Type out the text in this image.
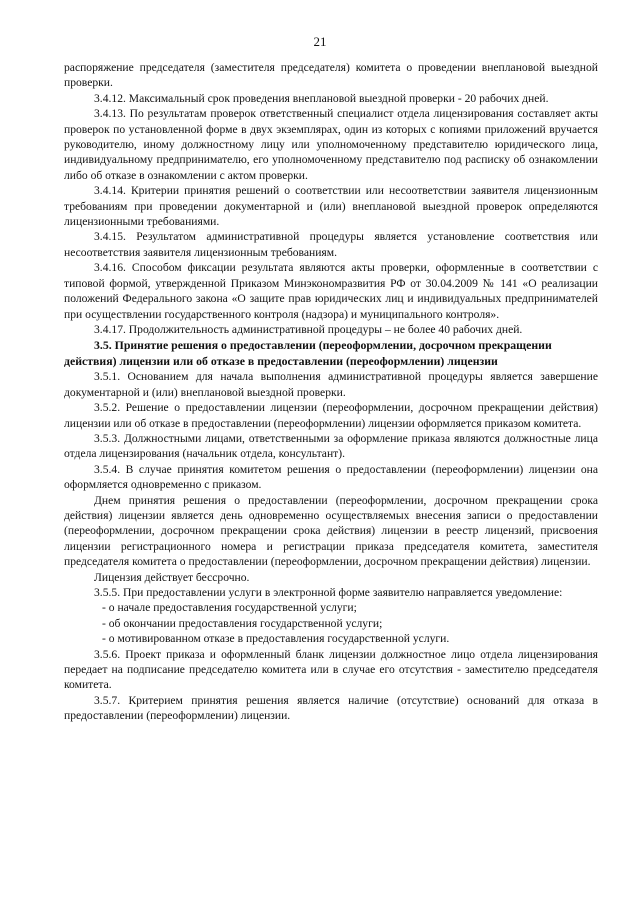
21

распоряжение председателя (заместителя председателя) комитета о проведении внеплановой выездной проверки.

3.4.12. Максимальный срок проведения внеплановой выездной проверки - 20 рабочих дней.

3.4.13. По результатам проверок ответственный специалист отдела лицензирования составляет акты проверок по установленной форме в двух экземплярах, один из которых с копиями приложений вручается руководителю, иному должностному лицу или уполномоченному представителю юридического лица, индивидуальному предпринимателю, его уполномоченному представителю под расписку об ознакомлении либо об отказе в ознакомлении с актом проверки.

3.4.14. Критерии принятия решений о соответствии или несоответствии заявителя лицензионным требованиям при проведении документарной и (или) внеплановой выездной проверок определяются лицензионными требованиями.

3.4.15. Результатом административной процедуры является установление соответствия или несоответствия заявителя лицензионным требованиям.

3.4.16. Способом фиксации результата являются акты проверки, оформленные в соответствии с типовой формой, утвержденной Приказом Минэкономразвития РФ от 30.04.2009 № 141 «О реализации положений Федерального закона «О защите прав юридических лиц и индивидуальных предпринимателей при осуществлении государственного контроля (надзора) и муниципального контроля».

3.4.17. Продолжительность административной процедуры – не более 40 рабочих дней.

3.5. Принятие решения о предоставлении (переоформлении, досрочном прекращении действия) лицензии или об отказе в предоставлении (переоформлении) лицензии

3.5.1. Основанием для начала выполнения административной процедуры является завершение документарной и (или) внеплановой выездной проверки.

3.5.2. Решение о предоставлении лицензии (переоформлении, досрочном прекращении действия) лицензии или об отказе в предоставлении (переоформлении) лицензии оформляется приказом комитета.

3.5.3. Должностными лицами, ответственными за оформление приказа являются должностные лица отдела лицензирования (начальник отдела, консультант).

3.5.4. В случае принятия комитетом решения о предоставлении (переоформлении) лицензии она оформляется одновременно с приказом.

Днем принятия решения о предоставлении (переоформлении, досрочном прекращении срока действия) лицензии является день одновременно осуществляемых внесения записи о предоставлении (переоформлении, досрочном прекращении срока действия) лицензии в реестр лицензий, присвоения лицензии регистрационного номера и регистрации приказа председателя комитета, заместителя председателя комитета о предоставлении (переоформлении, досрочном прекращении действия) лицензии.

Лицензия действует бессрочно.

3.5.5. При предоставлении услуги в электронной форме заявителю направляется уведомление:

- о начале предоставления государственной услуги;

- об окончании предоставления государственной услуги;

- о мотивированном отказе в предоставления государственной услуги.

3.5.6. Проект приказа и оформленный бланк лицензии должностное лицо отдела лицензирования передает на подписание председателю комитета или в случае его отсутствия - заместителю председателя комитета.

3.5.7. Критерием принятия решения является наличие (отсутствие) оснований для отказа в предоставлении (переоформлении) лицензии.
